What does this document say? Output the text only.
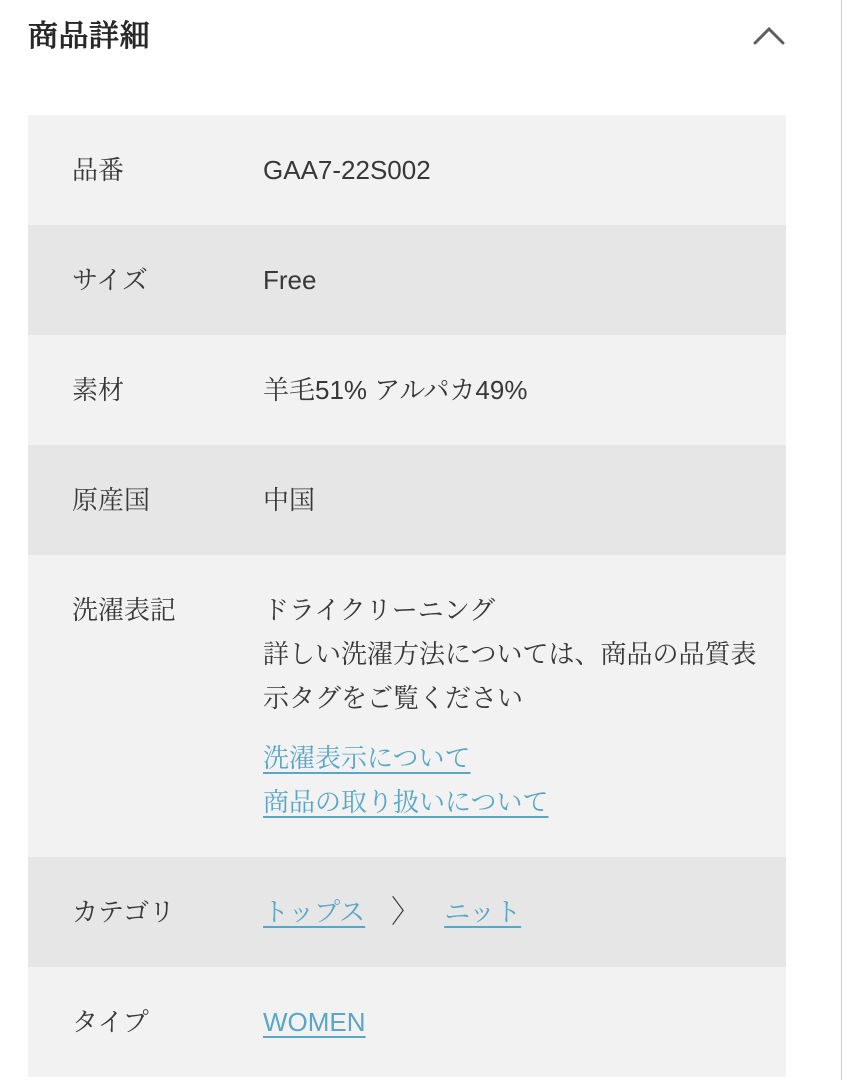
商品詳細
品番	GAA7-22S002
サイズ	Free
素材	羊毛51% アルパカ49%
原産国	中国
洗濯表記	ドライクリーニング
詳しい洗濯方法については、商品の品質表示タグをご覧ください
洗濯表示について
商品の取り扱いについて
カテゴリ	トップス 〉 ニット
タイプ	WOMEN
